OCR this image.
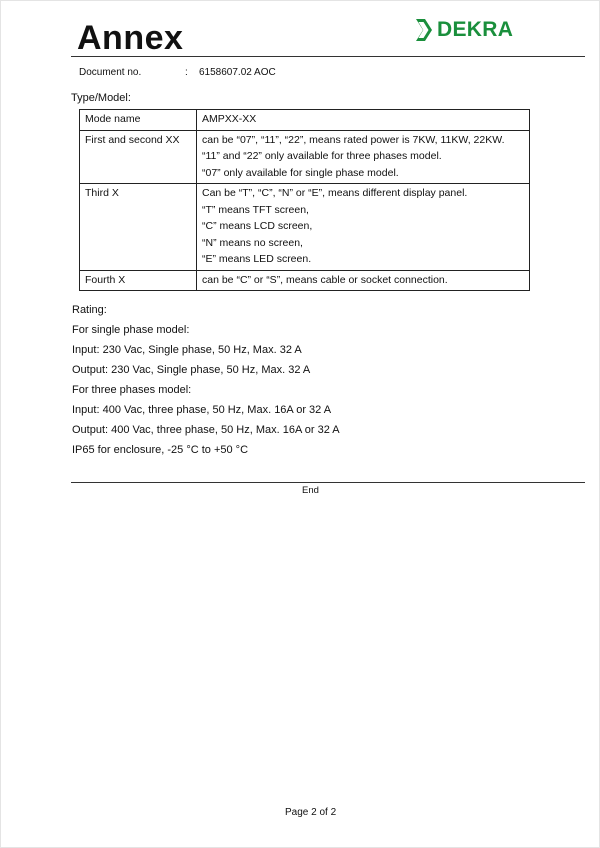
Annex	DEKRA
Document no.	: 6158607.02 AOC
Type/Model:
Mode name	AMPXX-XX

First and second XX	can be “07”, “11”, “22”, means rated power is 7KW, 11KW, 22KW.
“11” and “22” only available for three phases model.
“07” only available for single phase model.

Third X	Can be “T”, “C”, “N” or “E”, means different display panel.
“T” means TFT screen,
“C” means LCD screen,
“N” means no screen,
“E” means LED screen.

Fourth X	can be “C” or “S”, means cable or socket connection.
Rating:
For single phase model:
Input: 230 Vac, Single phase, 50 Hz, Max. 32 A
Output: 230 Vac, Single phase, 50 Hz, Max. 32 A
For three phases model:
Input: 400 Vac, three phase, 50 Hz, Max. 16A or 32 A
Output: 400 Vac, three phase, 50 Hz, Max. 16A or 32 A
IP65 for enclosure, -25 °C to +50 °C
End
Page 2 of 2
